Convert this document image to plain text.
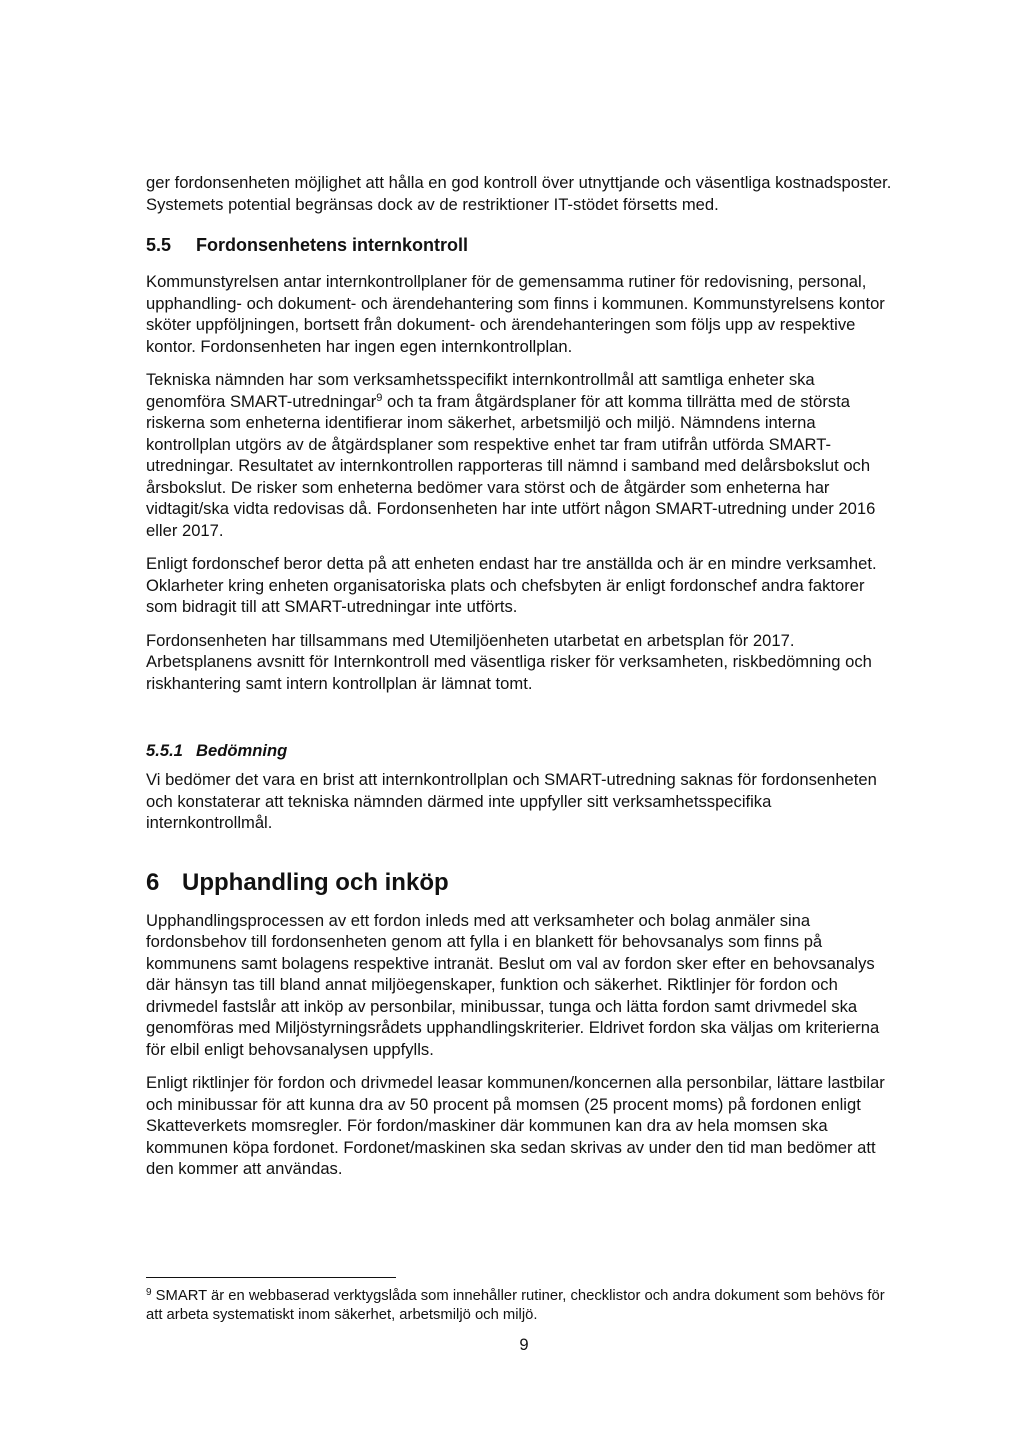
ger fordonsenheten möjlighet att hålla en god kontroll över utnyttjande och väsentliga kostnadsposter. Systemets potential begränsas dock av de restriktioner IT-stödet försetts med.

5.5 Fordonsenhetens internkontroll

Kommunstyrelsen antar internkontrollplaner för de gemensamma rutiner för redovisning, personal, upphandling- och dokument- och ärendehantering som finns i kommunen. Kommunstyrelsens kontor sköter uppföljningen, bortsett från dokument- och ärendehanteringen som följs upp av respektive kontor. Fordonsenheten har ingen egen internkontrollplan.

Tekniska nämnden har som verksamhetsspecifikt internkontrollmål att samtliga enheter ska genomföra SMART-utredningar$^9$ och ta fram åtgärdsplaner för att komma tillrätta med de största riskerna som enheterna identifierar inom säkerhet, arbetsmiljö och miljö. Nämndens interna kontrollplan utgörs av de åtgärdsplaner som respektive enhet tar fram utifrån utförda SMART-utredningar. Resultatet av internkontrollen rapporteras till nämnd i samband med delårsbokslut och årsbokslut. De risker som enheterna bedömer vara störst och de åtgärder som enheterna har vidtagit/ska vidta redovisas då. Fordonsenheten har inte utfört någon SMART-utredning under 2016 eller 2017.

Enligt fordonschef beror detta på att enheten endast har tre anställda och är en mindre verksamhet. Oklarheter kring enheten organisatoriska plats och chefsbyten är enligt fordonschef andra faktorer som bidragit till att SMART-utredningar inte utförts.

Fordonsenheten har tillsammans med Utemiljöenheten utarbetat en arbetsplan för 2017. Arbetsplanens avsnitt för Internkontroll med väsentliga risker för verksamheten, riskbedömning och riskhantering samt intern kontrollplan är lämnat tomt.

5.5.1 Bedömning

Vi bedömer det vara en brist att internkontrollplan och SMART-utredning saknas för fordonsenheten och konstaterar att tekniska nämnden därmed inte uppfyller sitt verksamhetsspecifika internkontrollmål.

6 Upphandling och inköp

Upphandlingsprocessen av ett fordon inleds med att verksamheter och bolag anmäler sina fordonsbehov till fordonsenheten genom att fylla i en blankett för behovsanalys som finns på kommunens samt bolagens respektive intranät. Beslut om val av fordon sker efter en behovsanalys där hänsyn tas till bland annat miljöegenskaper, funktion och säkerhet. Riktlinjer för fordon och drivmedel fastslår att inköp av personbilar, minibussar, tunga och lätta fordon samt drivmedel ska genomföras med Miljöstyrningsrådets upphandlingskriterier. Eldrivet fordon ska väljas om kriterierna för elbil enligt behovsanalysen uppfylls.

Enligt riktlinjer för fordon och drivmedel leasar kommunen/koncernen alla personbilar, lättare lastbilar och minibussar för att kunna dra av 50 procent på momsen (25 procent moms) på fordonen enligt Skatteverkets momsregler. För fordon/maskiner där kommunen kan dra av hela momsen ska kommunen köpa fordonet. Fordonet/maskinen ska sedan skrivas av under den tid man bedömer att den kommer att användas.

$^9$ SMART är en webbaserad verktygslåda som innehåller rutiner, checklistor och andra dokument som behövs för att arbeta systematiskt inom säkerhet, arbetsmiljö och miljö.
9
